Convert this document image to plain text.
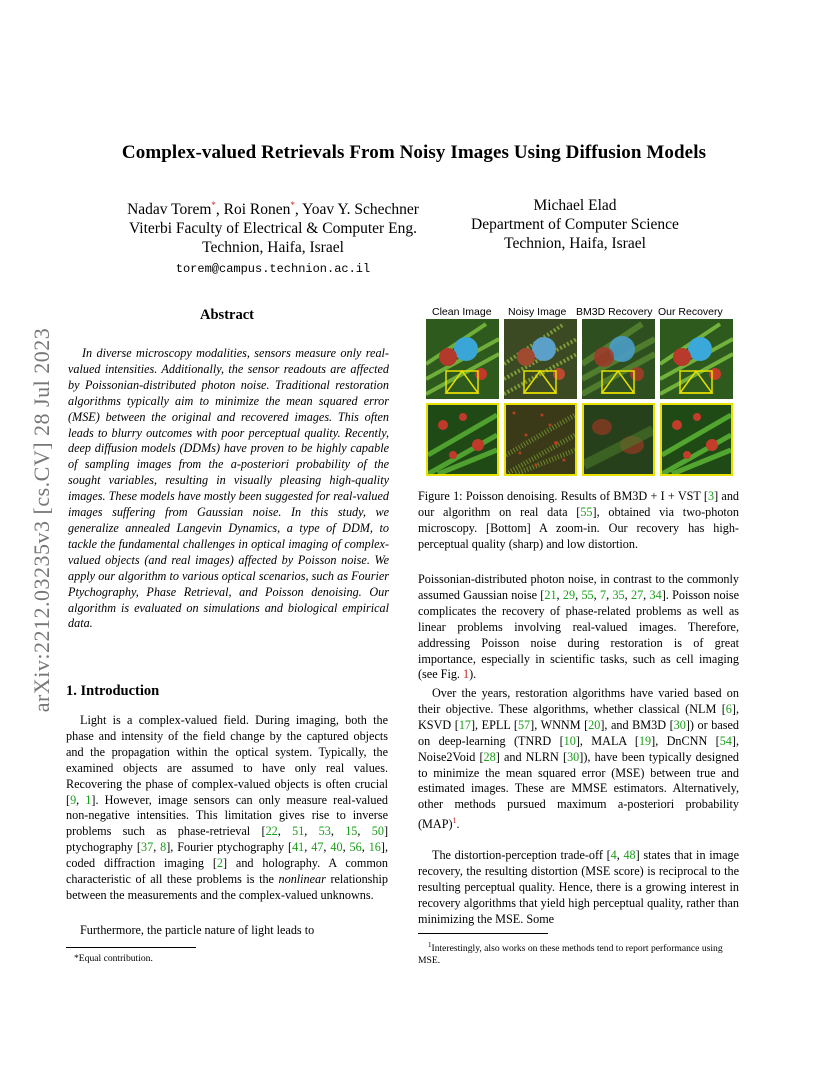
Complex-valued Retrievals From Noisy Images Using Diffusion Models
Nadav Torem*, Roi Ronen*, Yoav Y. Schechner
Viterbi Faculty of Electrical & Computer Eng.
Technion, Haifa, Israel
torem@campus.technion.ac.il
Michael Elad
Department of Computer Science
Technion, Haifa, Israel
arXiv:2212.03235v3 [cs.CV] 28 Jul 2023
Abstract
In diverse microscopy modalities, sensors measure only real-valued intensities. Additionally, the sensor readouts are affected by Poissonian-distributed photon noise. Traditional restoration algorithms typically aim to minimize the mean squared error (MSE) between the original and recovered images. This often leads to blurry outcomes with poor perceptual quality. Recently, deep diffusion models (DDMs) have proven to be highly capable of sampling images from the a-posteriori probability of the sought variables, resulting in visually pleasing high-quality images. These models have mostly been suggested for real-valued images suffering from Gaussian noise. In this study, we generalize annealed Langevin Dynamics, a type of DDM, to tackle the fundamental challenges in optical imaging of complex-valued objects (and real images) affected by Poisson noise. We apply our algorithm to various optical scenarios, such as Fourier Ptychography, Phase Retrieval, and Poisson denoising. Our algorithm is evaluated on simulations and biological empirical data.
1. Introduction
Light is a complex-valued field. During imaging, both the phase and intensity of the field change by the captured objects and the propagation within the optical system. Typically, the examined objects are assumed to have only real values. Recovering the phase of complex-valued objects is often crucial [9, 1]. However, image sensors can only measure real-valued non-negative intensities. This limitation gives rise to inverse problems such as phase-retrieval [22, 51, 53, 15, 50] ptychography [37, 8], Fourier ptychography [41, 47, 40, 56, 16], coded diffraction imaging [2] and holography. A common characteristic of all these problems is the nonlinear relationship between the measurements and the complex-valued unknowns.
Furthermore, the particle nature of light leads to
*Equal contribution.
Clean Image Noisy Image BM3D Recovery Our Recovery
Figure 1: Poisson denoising. Results of BM3D + I + VST [3] and our algorithm on real data [55], obtained via two-photon microscopy. [Bottom] A zoom-in. Our recovery has high-perceptual quality (sharp) and low distortion.
Poissonian-distributed photon noise, in contrast to the commonly assumed Gaussian noise [21, 29, 55, 7, 35, 27, 34]. Poisson noise complicates the recovery of phase-related problems as well as linear problems involving real-valued images. Therefore, addressing Poisson noise during restoration is of great importance, especially in scientific tasks, such as cell imaging (see Fig. 1).
Over the years, restoration algorithms have varied based on their objective. These algorithms, whether classical (NLM [6], KSVD [17], EPLL [57], WNNM [20], and BM3D [30]) or based on deep-learning (TNRD [10], MALA [19], DnCNN [54], Noise2Void [28] and NLRN [30]), have been typically designed to minimize the mean squared error (MSE) between true and estimated images. These are MMSE estimators. Alternatively, other methods pursued maximum a-posteriori probability (MAP)$^1$.
The distortion-perception trade-off [4, 48] states that in image recovery, the resulting distortion (MSE score) is reciprocal to the resulting perceptual quality. Hence, there is a growing interest in recovery algorithms that yield high perceptual quality, rather than minimizing the MSE. Some
$^1$Interestingly, also works on these methods tend to report performance using MSE.
